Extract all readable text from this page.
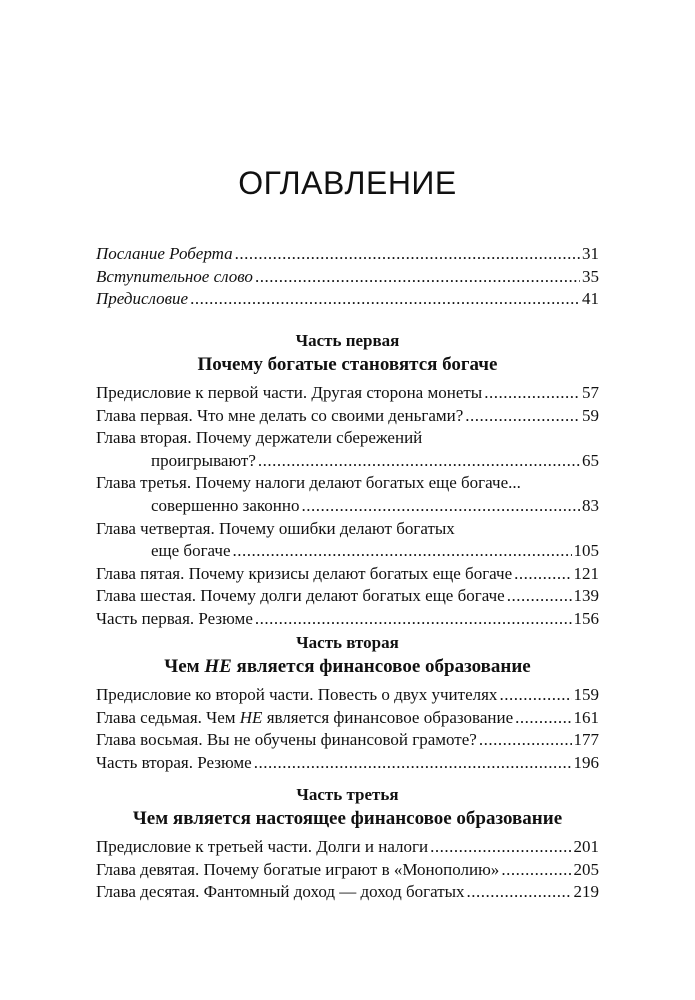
ОГЛАВЛЕНИЕ
Послание Роберта .....	31
Вступительное слово .....	35
Предисловие .....	41
Часть первая
Почему богатые становятся богаче
Предисловие к первой части. Другая сторона монеты .....	57
Глава первая. Что мне делать со своими деньгами? .....	59
Глава вторая. Почему держатели сбережений
проигрывают? .....	65
Глава третья. Почему налоги делают богатых еще богаче...
совершенно законно .....	83
Глава четвертая. Почему ошибки делают богатых
еще богаче .....	105
Глава пятая. Почему кризисы делают богатых еще богаче .....	121
Глава шестая. Почему долги делают богатых еще богаче .....	139
Часть первая. Резюме .....	156
Часть вторая
Чем НЕ является финансовое образование
Предисловие ко второй части. Повесть о двух учителях .....	159
Глава седьмая. Чем НЕ является финансовое образование .....	161
Глава восьмая. Вы не обучены финансовой грамоте? .....	177
Часть вторая. Резюме .....	196
Часть третья
Чем является настоящее финансовое образование
Предисловие к третьей части. Долги и налоги .....	201
Глава девятая. Почему богатые играют в «Монополию» .....	205
Глава десятая. Фантомный доход — доход богатых .....	219
